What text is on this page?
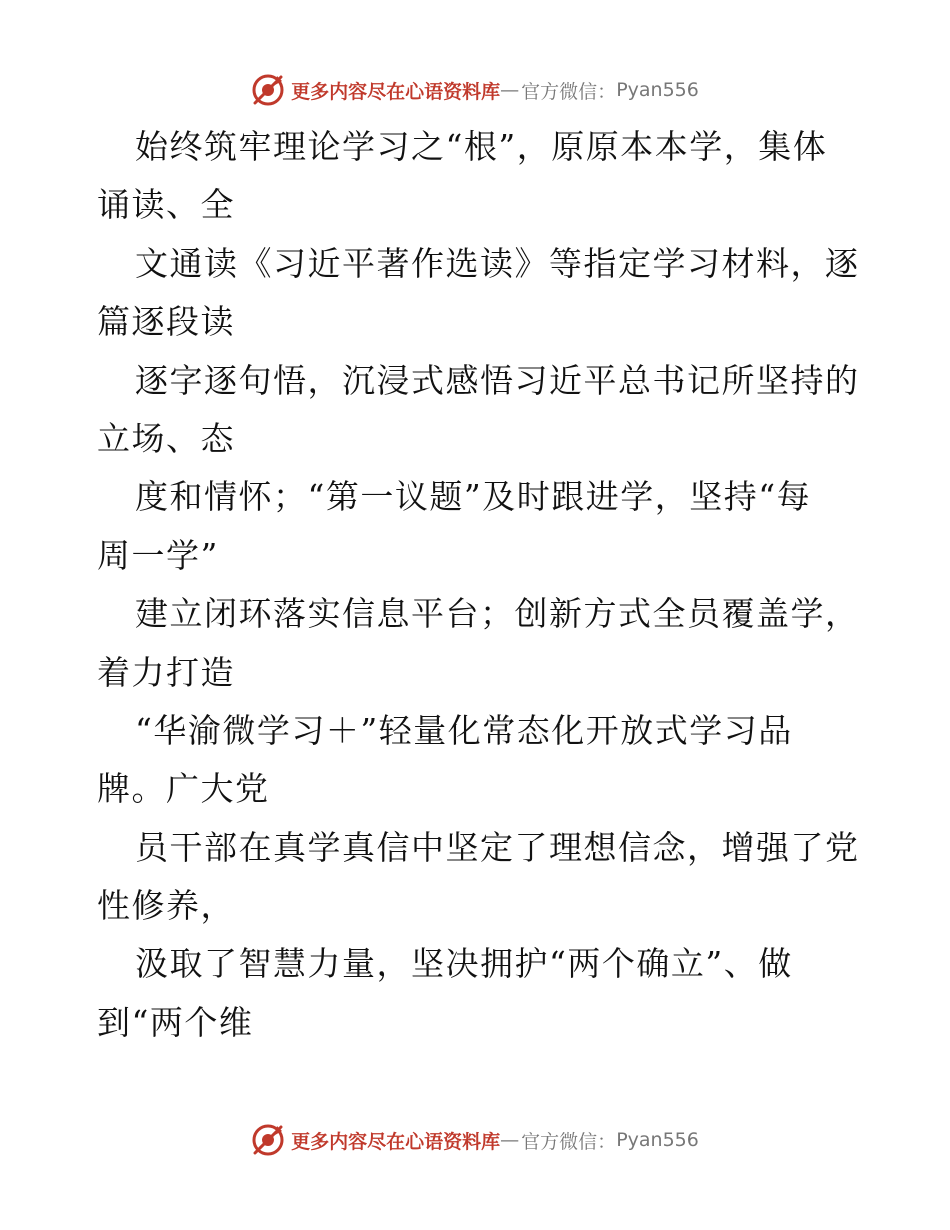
更多内容尽在心语资料库 — 官方微信： Pyan556
始终筑牢理论学习之“根”，原原本本学，集体
诵读、全
文通读《习近平著作选读》等指定学习材料，逐
篇逐段读
逐字逐句悟，沉浸式感悟习近平总书记所坚持的
立场、态
度和情怀；“第一议题”及时跟进学，坚持“每
周一学”
建立闭环落实信息平台；创新方式全员覆盖学，
着力打造
“华渝微学习＋”轻量化常态化开放式学习品
牌。广大党
员干部在真学真信中坚定了理想信念，增强了党
性修养，
汲取了智慧力量，坚决拥护“两个确立”、做
到“两个维
更多内容尽在心语资料库 — 官方微信： Pyan556
